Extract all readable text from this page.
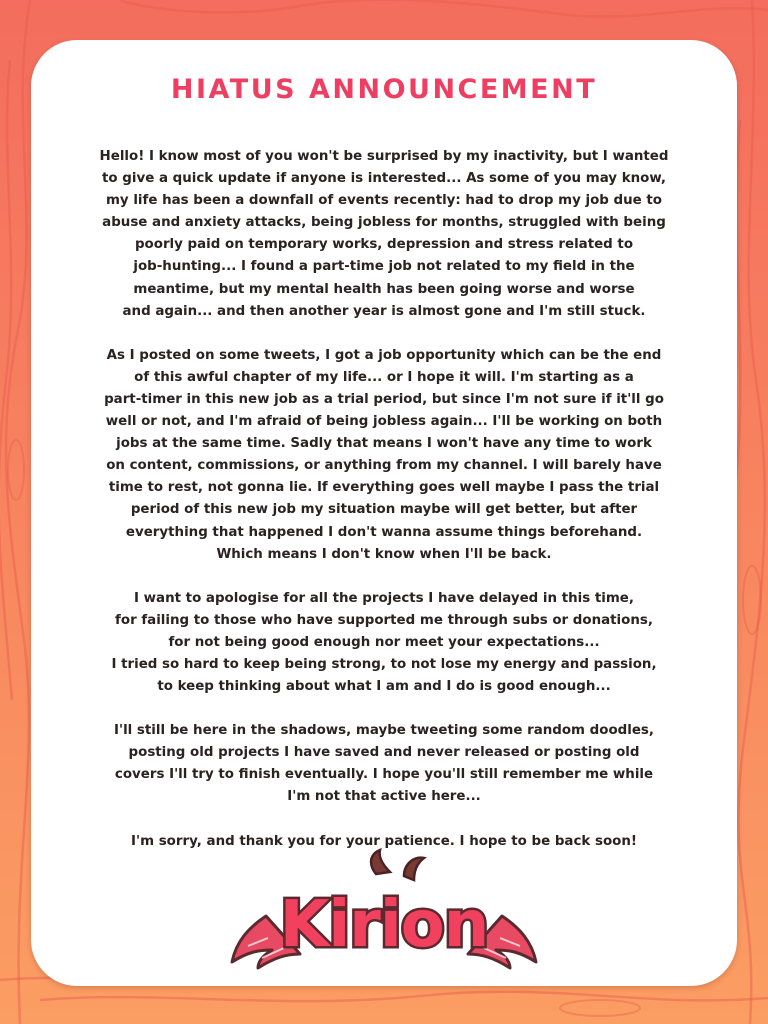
HIATUS ANNOUNCEMENT

Hello! I know most of you won't be surprised by my inactivity, but I wanted
to give a quick update if anyone is interested... As some of you may know,
my life has been a downfall of events recently: had to drop my job due to
abuse and anxiety attacks, being jobless for months, struggled with being
poorly paid on temporary works, depression and stress related to
job-hunting... I found a part-time job not related to my field in the
meantime, but my mental health has been going worse and worse
and again... and then another year is almost gone and I'm still stuck.

As I posted on some tweets, I got a job opportunity which can be the end
of this awful chapter of my life... or I hope it will. I'm starting as a
part-timer in this new job as a trial period, but since I'm not sure if it'll go
well or not, and I'm afraid of being jobless again... I'll be working on both
jobs at the same time. Sadly that means I won't have any time to work
on content, commissions, or anything from my channel. I will barely have
time to rest, not gonna lie. If everything goes well maybe I pass the trial
period of this new job my situation maybe will get better, but after
everything that happened I don't wanna assume things beforehand.
Which means I don't know when I'll be back.

I want to apologise for all the projects I have delayed in this time,
for failing to those who have supported me through subs or donations,
for not being good enough nor meet your expectations...
I tried so hard to keep being strong, to not lose my energy and passion,
to keep thinking about what I am and I do is good enough...

I'll still be here in the shadows, maybe tweeting some random doodles,
posting old projects I have saved and never released or posting old
covers I'll try to finish eventually. I hope you'll still remember me while
I'm not that active here...

I'm sorry, and thank you for your patience. I hope to be back soon!

Kirion
